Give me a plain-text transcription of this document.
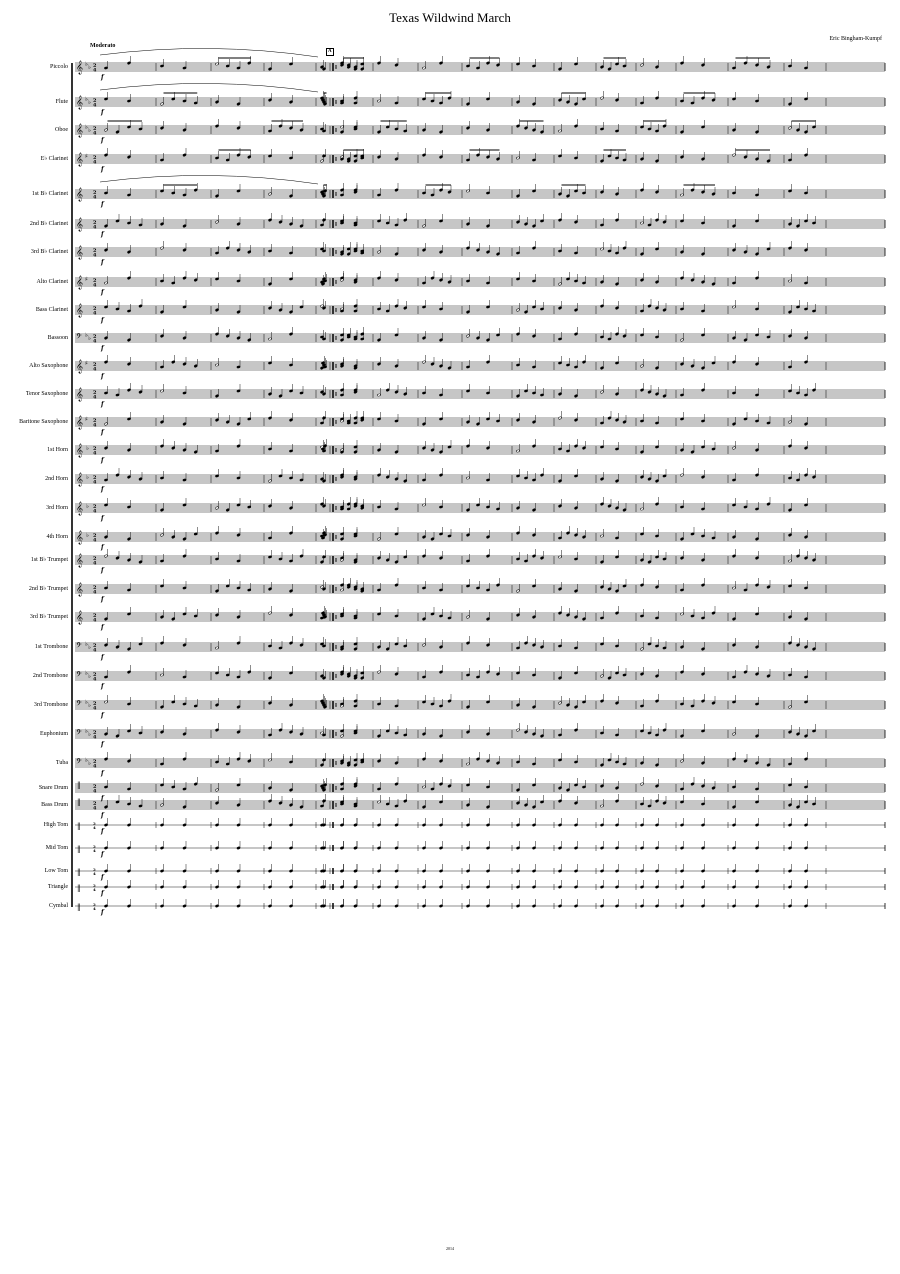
Texas Wildwind March
Eric Bingham-Kumpf
Moderato
A
Piccolo
Flute
Oboe
E♭ Clarinet
1st B♭ Clarinet
2nd B♭ Clarinet
3rd B♭ Clarinet
Alto Clarinet
Bass Clarinet
Bassoon
Alto Saxophone
Tenor Saxophone
Baritone Saxophone
1st Horn
2nd Horn
3rd Horn
4th Horn
1st B♭ Trumpet
2nd B♭ Trumpet
3rd B♭ Trumpet
1st Trombone
2nd Trombone
3rd Trombone
Euphonium
Tuba
Snare Drum
Bass Drum
High Tom
Mid Tom
Low Tom
Triangle
Cymbal
𝄞 ♭ ♭ 2
4
f
𝄞 ♭ ♭ 2
4
f
𝄞 ♭ ♭ 2
4
f
𝄞 ♯ 2
4
f
𝄞 2
4
f
𝄞 2
4
f
𝄞 2
4
f
𝄞 ♯ 2
4
f
𝄞 2
4
f
𝄢 ♭ ♭ 2
4
f
𝄞 ♯ 2
4
f
𝄞 2
4
f
𝄞 ♯ 2
4
f
𝄞 ♭ 2
4
f
𝄞 ♭ 2
4
f
𝄞 ♭ 2
4
f
𝄞 ♭ 2
4
f
𝄞 2
4
f
𝄞 2
4
f
𝄞 2
4
f
𝄢 ♭ ♭ 2
4
f
𝄢 ♭ ♭ 2
4
f
𝄢 ♭ ♭ 2
4
f
𝄢 ♭ ♭ 2
4
f
𝄢 ♭ ♭ 2
4
f
‖	2
4
f
‖	2
4
f
‖	2
4
f
‖	2
4
f
‖	2
4
f
‖	2
4
f
‖	2
4
f
2014
